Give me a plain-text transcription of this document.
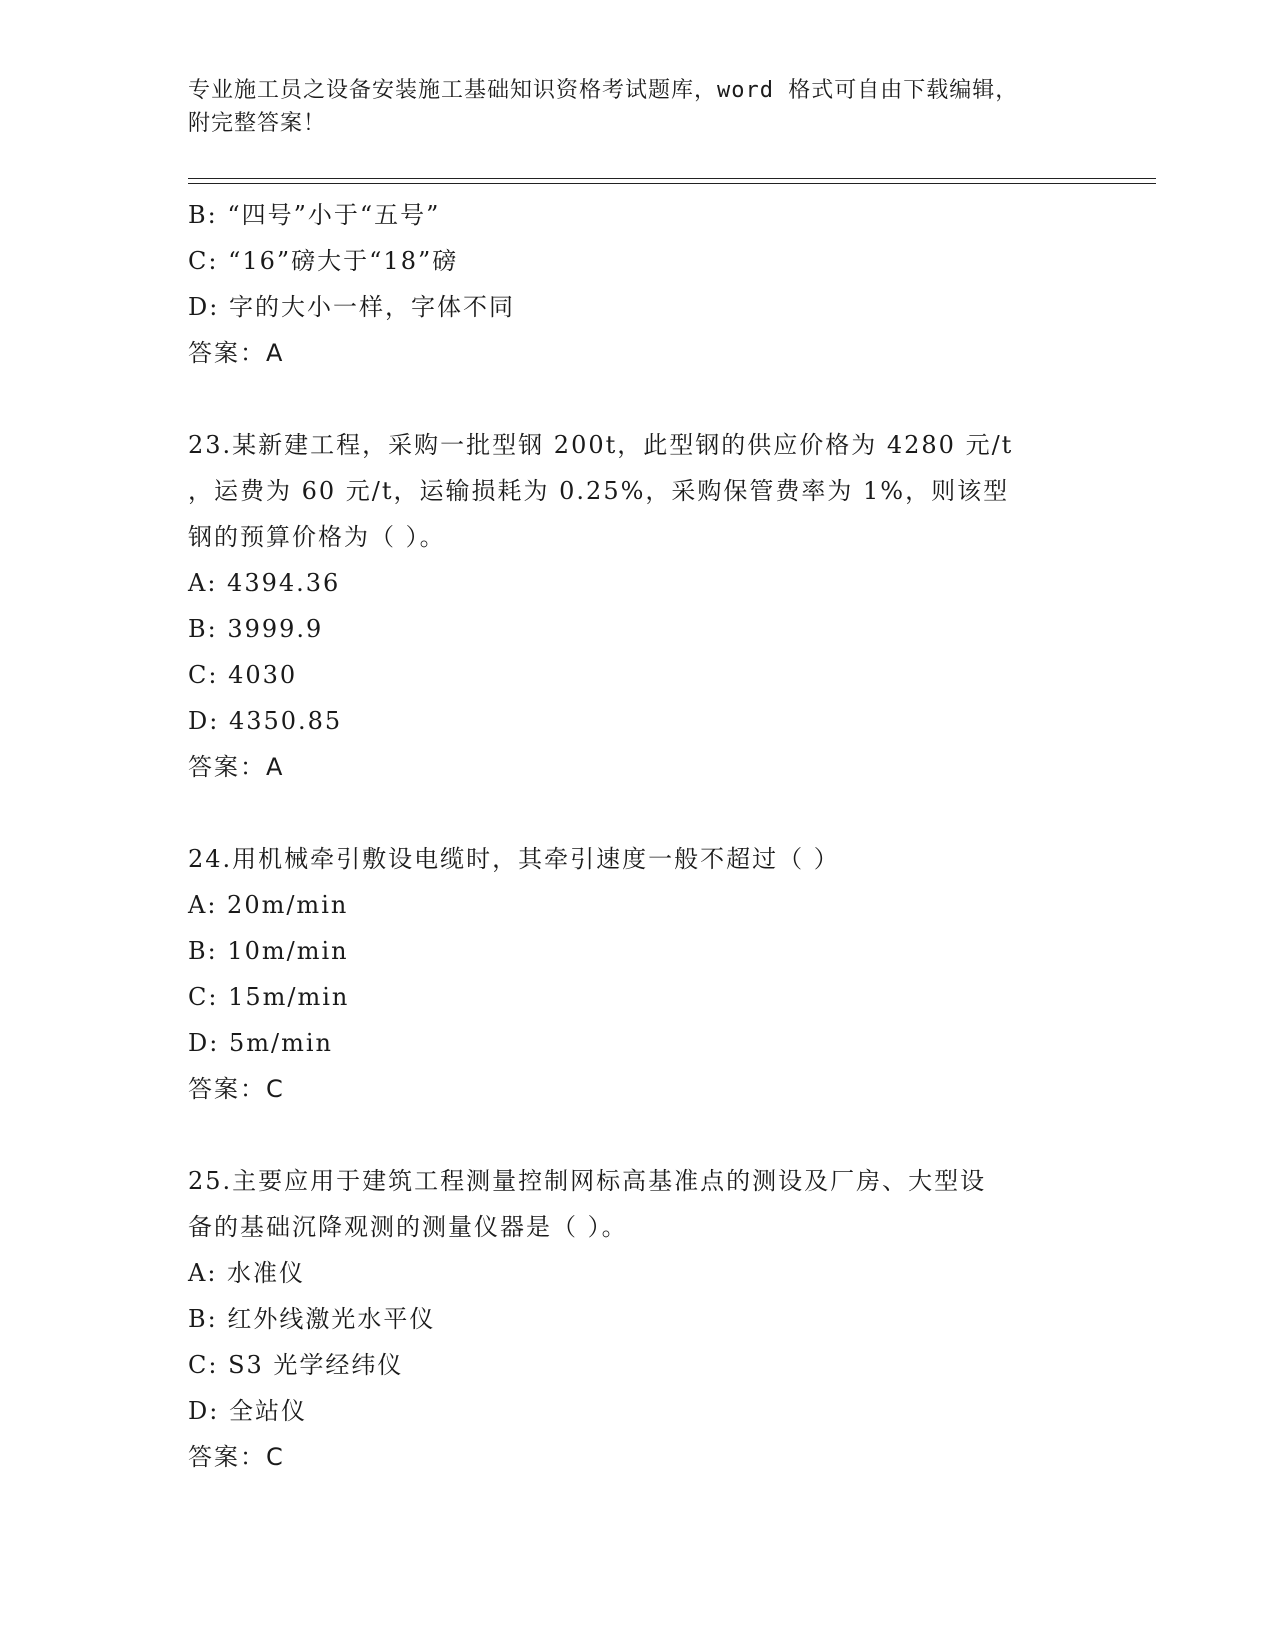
专业施工员之设备安装施工基础知识资格考试题库，word 格式可自由下载编辑，
附完整答案！
B: “四号”小于“五号”
C: “16”磅大于“18”磅
D: 字的大小一样，字体不同
答案：A
23.某新建工程，采购一批型钢 200t，此型钢的供应价格为 4280 元/t
，运费为 60 元/t，运输损耗为 0.25%，采购保管费率为 1%，则该型
钢的预算价格为（ ）。
A: 4394.36
B: 3999.9
C: 4030
D: 4350.85
答案：A
24.用机械牵引敷设电缆时，其牵引速度一般不超过（ ）
A: 20m/min
B: 10m/min
C: 15m/min
D: 5m/min
答案：C
25.主要应用于建筑工程测量控制网标高基准点的测设及厂房、大型设
备的基础沉降观测的测量仪器是（ ）。
A: 水准仪
B: 红外线激光水平仪
C: S3 光学经纬仪
D: 全站仪
答案：C
